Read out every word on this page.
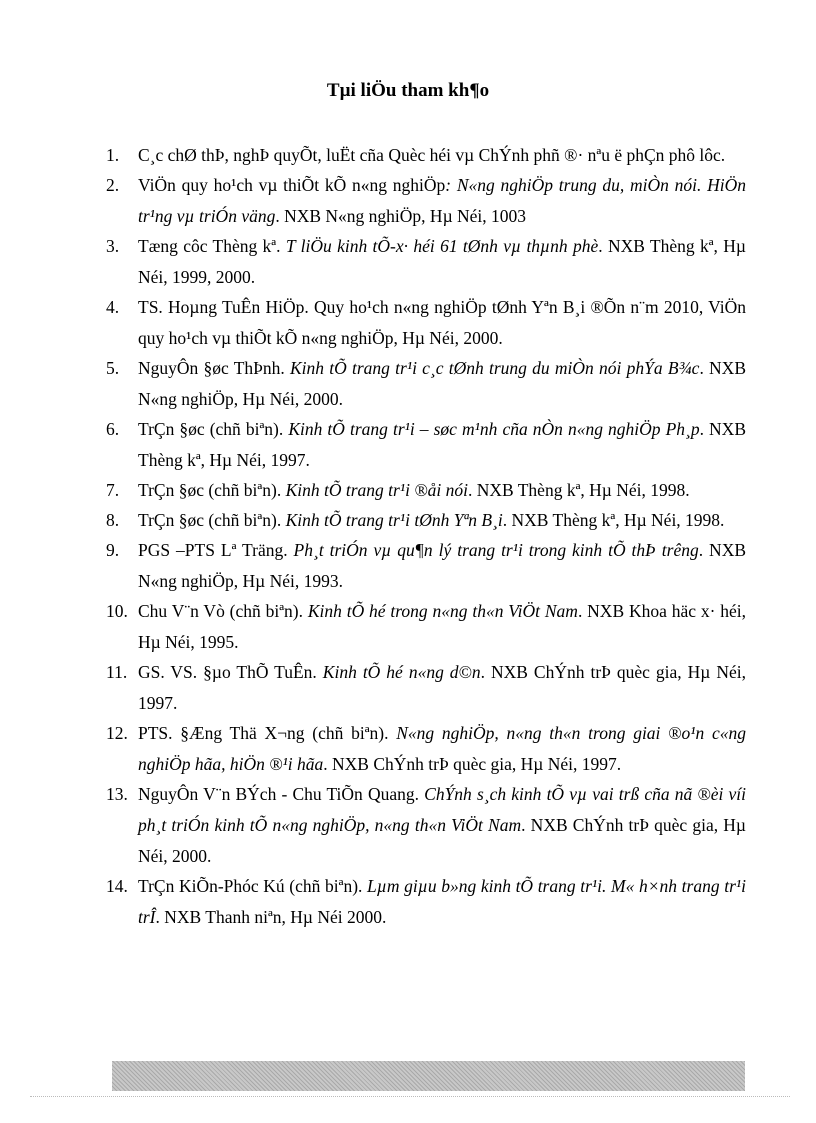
Tµi liÖu tham kh¶o
1.	C¸c chØ thÞ, nghÞ quyÕt, luËt cña Quèc héi vµ ChÝnh phñ ®· nªu ë phÇn phô lôc.
2.	ViÖn quy ho¹ch vµ thiÕt kÕ n«ng nghiÖp: N«ng nghiÖp trung du, miÒn nói. HiÖn tr¹ng vµ triÓn väng. NXB N«ng nghiÖp, Hµ Néi, 1003
3.	Tæng côc Thèng kª. T liÖu kinh tÕ-x· héi 61 tØnh vµ thµnh phè. NXB Thèng kª, Hµ Néi, 1999, 2000.
4.	TS. Hoµng TuÊn HiÖp. Quy ho¹ch n«ng nghiÖp tØnh Yªn B¸i ®Õn n¨m 2010, ViÖn quy ho¹ch vµ thiÕt kÕ n«ng nghiÖp, Hµ Néi, 2000.
5.	NguyÔn §øc ThÞnh. Kinh tÕ trang tr¹i c¸c tØnh trung du miÒn nói phÝa B¾c. NXB N«ng nghiÖp, Hµ Néi, 2000.
6.	TrÇn §øc (chñ biªn). Kinh tÕ trang tr¹i – søc m¹nh cña nÒn n«ng nghiÖp Ph¸p. NXB Thèng kª, Hµ Néi, 1997.
7.	TrÇn §øc (chñ biªn). Kinh tÕ trang tr¹i ®åi nói. NXB Thèng kª, Hµ Néi, 1998.
8.	TrÇn §øc (chñ biªn). Kinh tÕ trang tr¹i tØnh Yªn B¸i. NXB Thèng kª, Hµ Néi, 1998.
9.	PGS –PTS Lª Träng. Ph¸t triÓn vµ qu¶n lý trang tr¹i trong kinh tÕ thÞ trêng. NXB N«ng nghiÖp, Hµ Néi, 1993.
10. Chu V¨n Vò (chñ biªn). Kinh tÕ hé trong n«ng th«n ViÖt Nam. NXB Khoa häc x· héi, Hµ Néi, 1995.
11. GS. VS. §µo ThÕ TuÊn. Kinh tÕ hé n«ng d©n. NXB ChÝnh trÞ quèc gia, Hµ Néi, 1997.
12. PTS. §Æng Thä X¬ng (chñ biªn). N«ng nghiÖp, n«ng th«n trong giai ®o¹n c«ng nghiÖp hãa, hiÖn ®¹i hãa. NXB ChÝnh trÞ quèc gia, Hµ Néi, 1997.
13. NguyÔn V¨n BÝch - Chu TiÕn Quang. ChÝnh s¸ch kinh tÕ vµ vai trß cña nã ®èi víi ph¸t triÓn kinh tÕ n«ng nghiÖp, n«ng th«n ViÖt Nam. NXB ChÝnh trÞ quèc gia, Hµ Néi, 2000.
14. TrÇn KiÕn-Phóc Kú (chñ biªn). Lµm giµu b»ng kinh tÕ trang tr¹i. M« h×nh trang tr¹i trÎ. NXB Thanh niªn, Hµ Néi 2000.
